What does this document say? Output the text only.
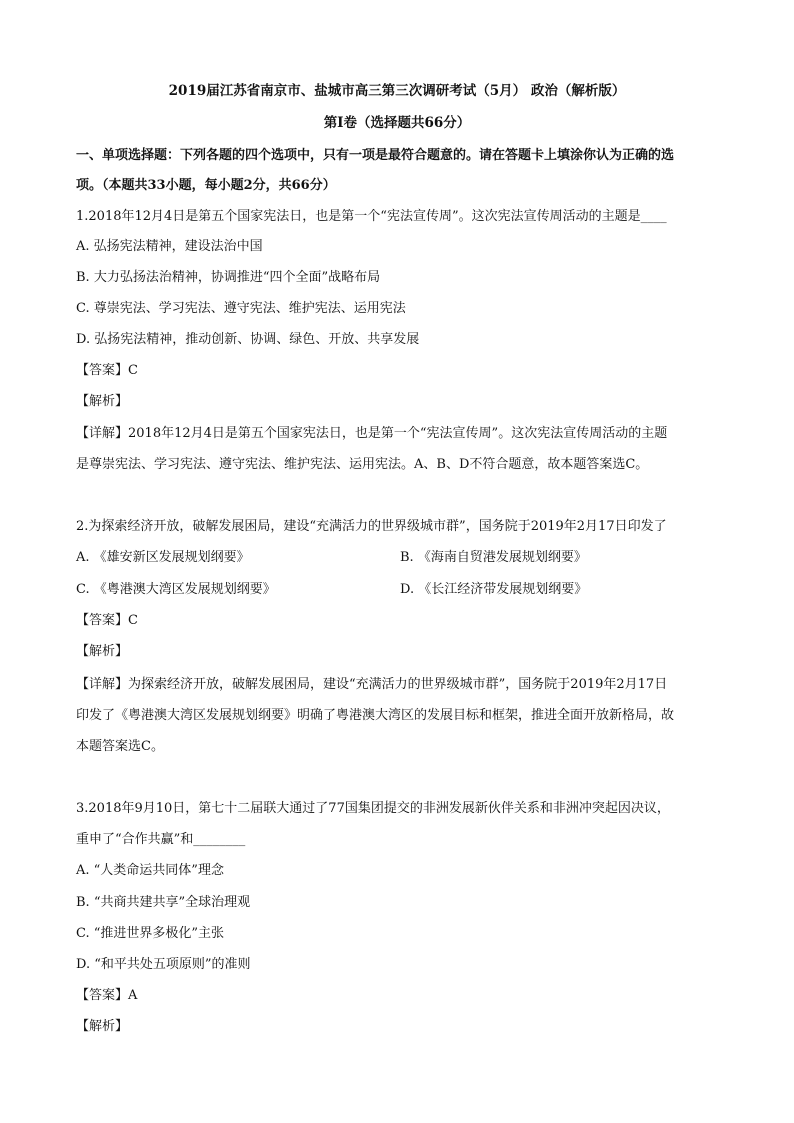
2019届江苏省南京市、盐城市高三第三次调研考试（5月） 政治（解析版）
第Ⅰ卷（选择题共66分）
一、单项选择题：下列各题的四个选项中，只有一项是最符合题意的。请在答题卡上填涂你认为正确的选
项。（本题共33小题，每小题2分，共66分）
1.2018年12月4日是第五个国家宪法日，也是第一个“宪法宣传周”。这次宪法宣传周活动的主题是____
A. 弘扬宪法精神，建设法治中国
B. 大力弘扬法治精神，协调推进“四个全面”战略布局
C. 尊崇宪法、学习宪法、遵守宪法、维护宪法、运用宪法
D. 弘扬宪法精神，推动创新、协调、绿色、开放、共享发展
【答案】C
【解析】
【详解】2018年12月4日是第五个国家宪法日，也是第一个“宪法宣传周”。这次宪法宣传周活动的主题
是尊崇宪法、学习宪法、遵守宪法、维护宪法、运用宪法。A、B、D不符合题意，故本题答案选C。
2.为探索经济开放，破解发展困局，建设“充满活力的世界级城市群”，国务院于2019年2月17日印发了
A. 《雄安新区发展规划纲要》	B. 《海南自贸港发展规划纲要》
C. 《粤港澳大湾区发展规划纲要》	D. 《长江经济带发展规划纲要》
【答案】C
【解析】
【详解】为探索经济开放，破解发展困局，建设“充满活力的世界级城市群”，国务院于2019年2月17日
印发了《粤港澳大湾区发展规划纲要》明确了粤港澳大湾区的发展目标和框架，推进全面开放新格局，故
本题答案选C。
3.2018年9月10日，第七十二届联大通过了77国集团提交的非洲发展新伙伴关系和非洲冲突起因决议，
重申了“合作共赢”和________
A. “人类命运共同体”理念
B. “共商共建共享”全球治理观
C. “推进世界多极化”主张
D. “和平共处五项原则”的准则
【答案】A
【解析】
